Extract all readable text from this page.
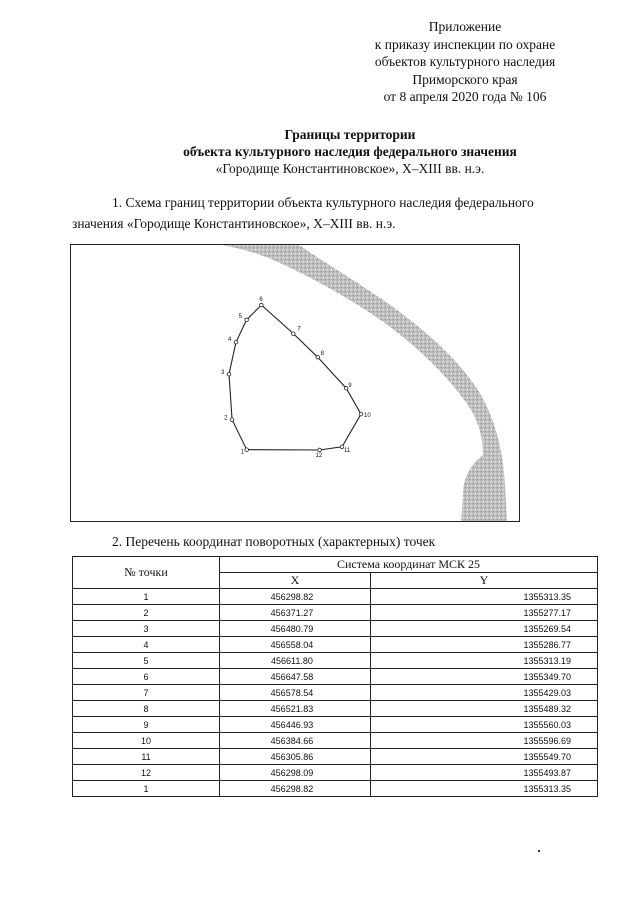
Приложение
к приказу инспекции по охране
объектов культурного наследия
Приморского края
от 8 апреля 2020 года № 106
Границы территории
объекта культурного наследия федерального значения
«Городище Константиновское», X–XIII вв. н.э.
1. Схема границ территории объекта культурного наследия федерального
значения «Городище Константиновское», X–XIII вв. н.э.
1
2
3
4
5
6
7
8
9
10
11
12
2. Перечень координат поворотных (характерных) точек
№ точки	Система координат МСК 25	
	X	Y
1	456298.82	1355313.35
2	456371.27	1355277.17
3	456480.79	1355269.54
4	456558.04	1355286.77
5	456611.80	1355313.19
6	456647.58	1355349.70
7	456578.54	1355429.03
8	456521.83	1355489.32
9	456446.93	1355560.03
10	456384.66	1355596.69
11	456305.86	1355549.70
12	456298.09	1355493.87
1	456298.82	1355313.35
